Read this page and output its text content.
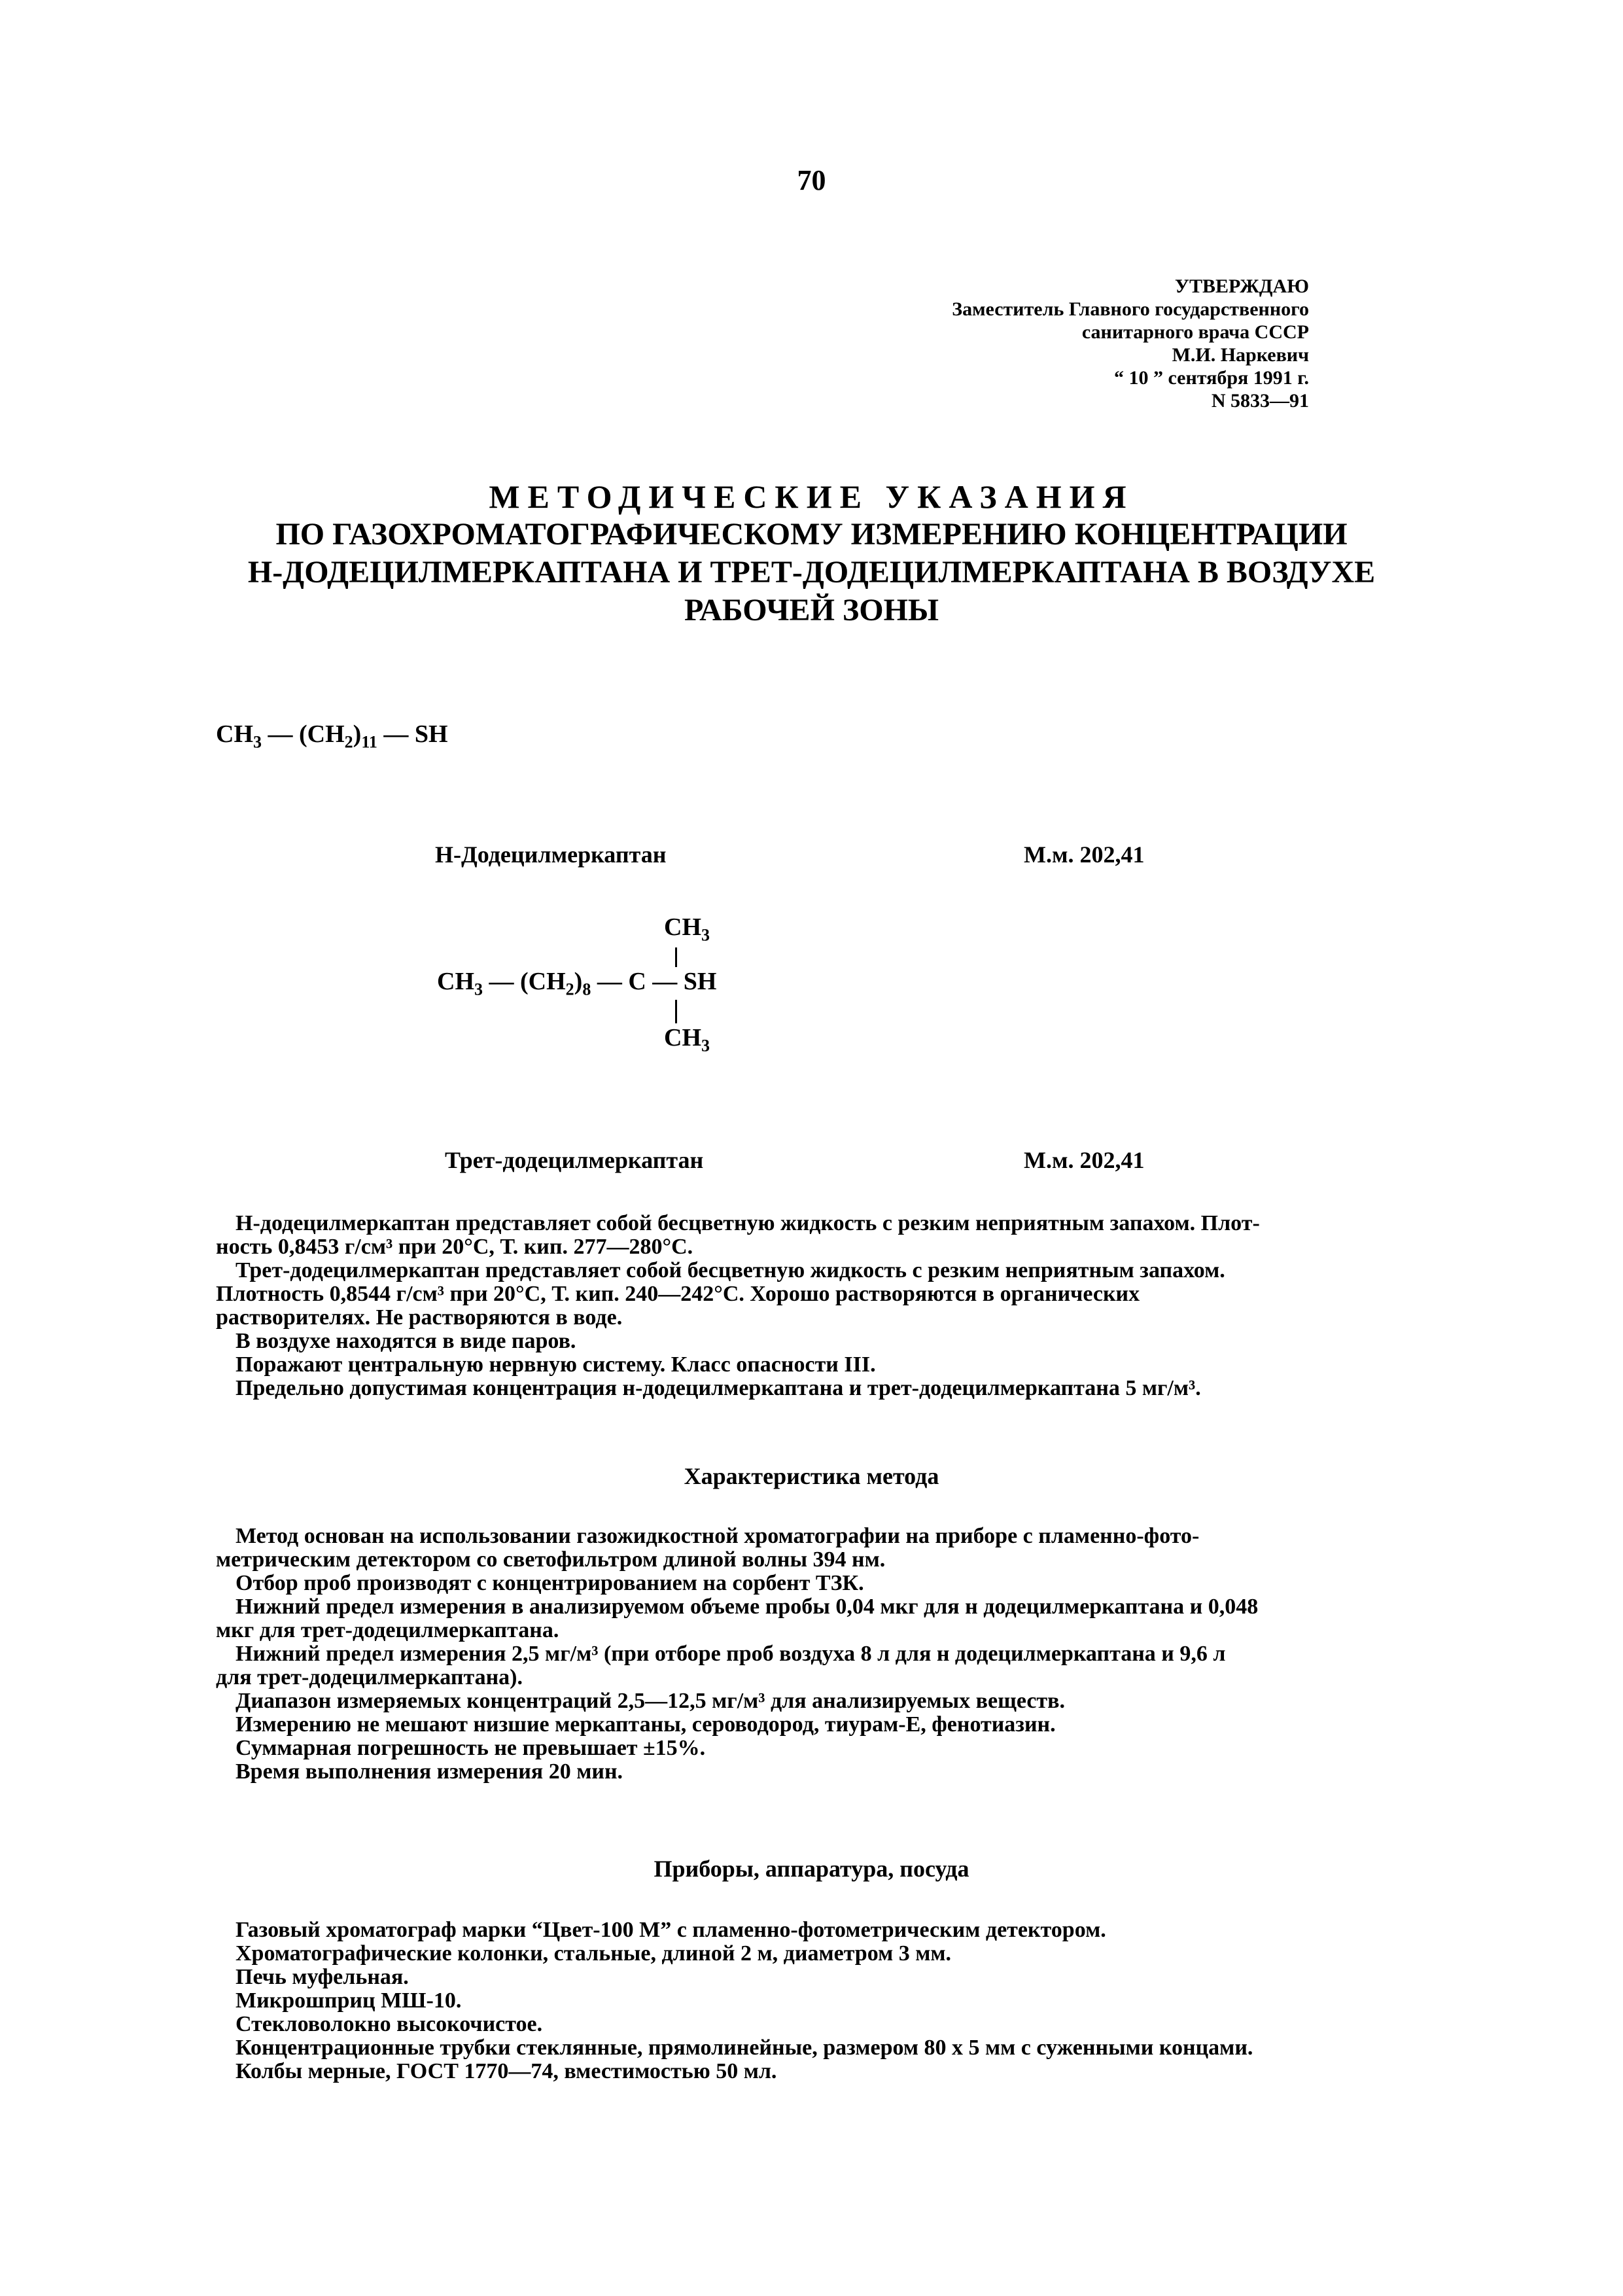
70
УТВЕРЖДАЮ
Заместитель Главного государственного
санитарного врача СССР
М.И. Наркевич
“ 10 ” сентября 1991 г.
N 5833—91
МЕТОДИЧЕСКИЕ УКАЗАНИЯ
ПО ГАЗОХРОМАТОГРАФИЧЕСКОМУ ИЗМЕРЕНИЮ КОНЦЕНТРАЦИИ
Н-ДОДЕЦИЛМЕРКАПТАНА И ТРЕТ-ДОДЕЦИЛМЕРКАПТАНА В ВОЗДУХЕ
РАБОЧЕЙ ЗОНЫ
$CH_3$ — $(CH_2)_{11}$ — SH
Н-Додецилмеркаптан	М.м. 202,41
$CH_3$
$CH_3$ — $(CH_2)_8$ — C — SH
$CH_3$
Трет-додецилмеркаптан	М.м. 202,41
Н-додецилмеркаптан представляет собой бесцветную жидкость с резким неприятным запахом. Плот-
ность 0,8453 г/см³ при 20°С, Т. кип. 277—280°С.
Трет-додецилмеркаптан представляет собой бесцветную жидкость с резким неприятным запахом.
Плотность 0,8544 г/см³ при 20°С, Т. кип. 240—242°С. Хорошо растворяются в органических
растворителях. Не растворяются в воде.
В воздухе находятся в виде паров.
Поражают центральную нервную систему. Класс опасности III.
Предельно допустимая концентрация н-додецилмеркаптана и трет-додецилмеркаптана 5 мг/м³.
Характеристика метода
Метод основан на использовании газожидкостной хроматографии на приборе с пламенно-фото-
метрическим детектором со светофильтром длиной волны 394 нм.
Отбор проб производят с концентрированием на сорбент ТЗК.
Нижний предел измерения в анализируемом объеме пробы 0,04 мкг для н додецилмеркаптана и 0,048
мкг для трет-додецилмеркаптана.
Нижний предел измерения 2,5 мг/м³ (при отборе проб воздуха 8 л для н додецилмеркаптана и 9,6 л
для трет-додецилмеркаптана).
Диапазон измеряемых концентраций 2,5—12,5 мг/м³ для анализируемых веществ.
Измерению не мешают низшие меркаптаны, сероводород, тиурам-Е, фенотиазин.
Суммарная погрешность не превышает ±15%.
Время выполнения измерения 20 мин.
Приборы, аппаратура, посуда
Газовый хроматограф марки “Цвет-100 М” с пламенно-фотометрическим детектором.
Хроматографические колонки, стальные, длиной 2 м, диаметром 3 мм.
Печь муфельная.
Микрошприц МШ-10.
Стекловолокно высокочистое.
Концентрационные трубки стеклянные, прямолинейные, размером 80 х 5 мм с суженными концами.
Колбы мерные, ГОСТ 1770—74, вместимостью 50 мл.
